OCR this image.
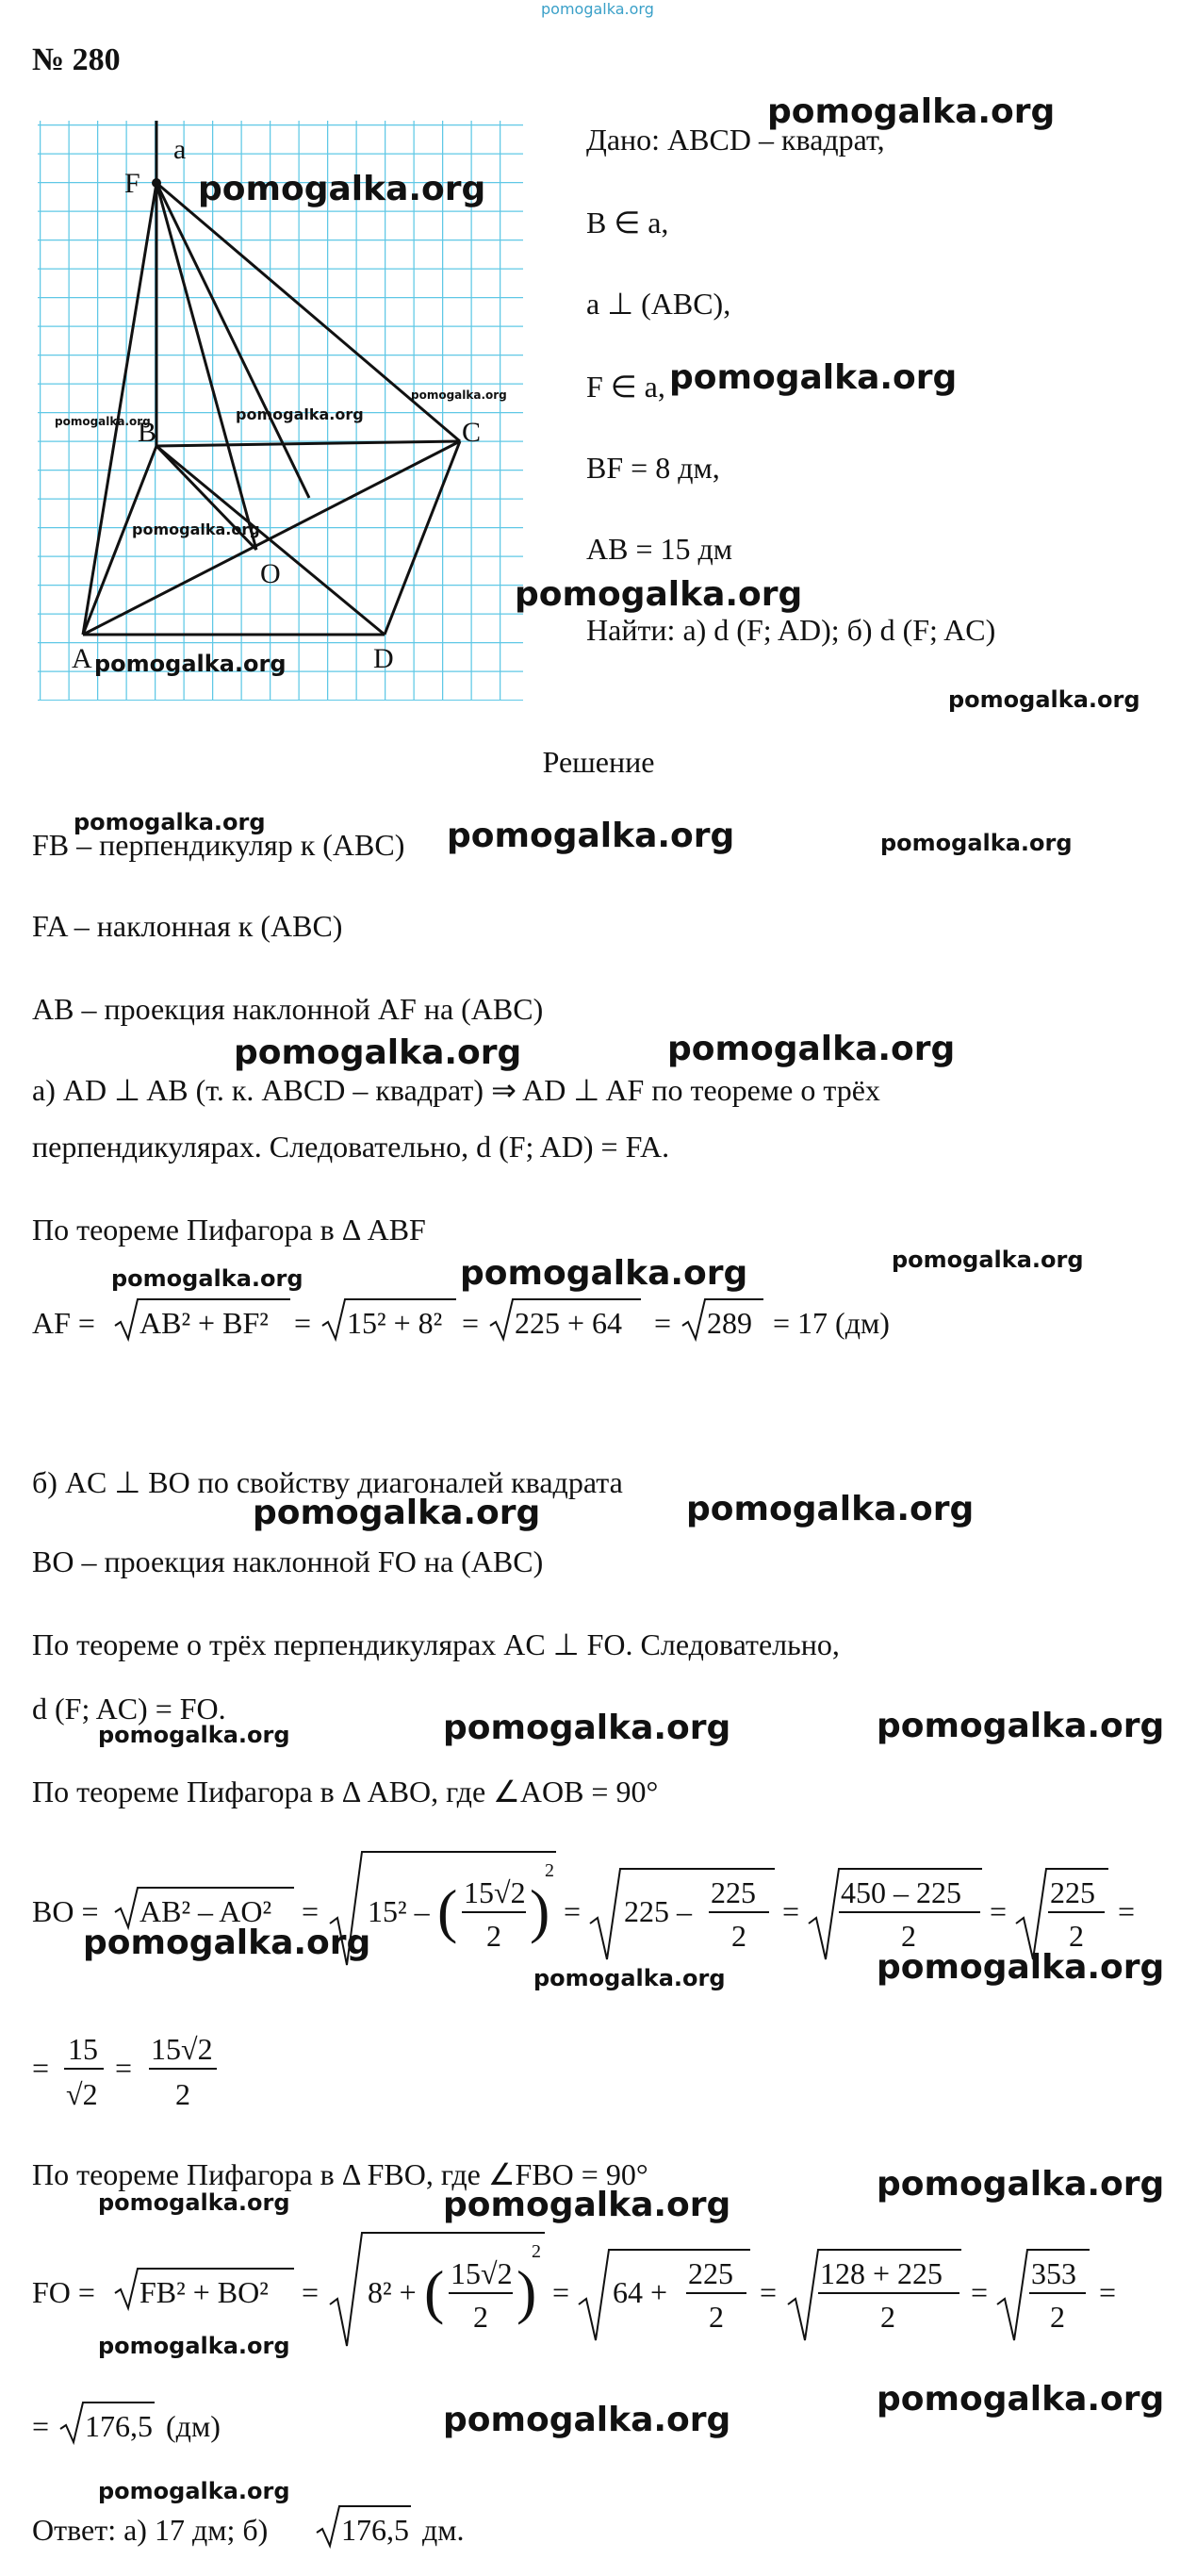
pomogalka.org
№ 280
a
F
B	C
O
A	D
pomogalka.org
pomogalka.org	pomogalka.org
pomogalka.org
pomogalka.org
pomogalka.org
pomogalka.org
Дано: ABCD – квадрат,
B ∈ a,
a ⊥ (ABC),
F ∈ a, pomogalka.org
BF = 8 дм,
AB = 15 дм
pomogalka.org
Найти: а) d (F; AD); б) d (F; AC)
pomogalka.org
Решение
pomogalka.org
FB – перпендикуляр к (ABC) pomogalka.org	pomogalka.org
FA – наклонная к (ABC)
AB – проекция наклонной AF на (ABC)
pomogalka.org	pomogalka.org
а) AD ⊥ AB (т. к. ABCD – квадрат) ⇒ AD ⊥ AF по теореме о трёх
перпендикулярах. Следовательно, d (F; AD) = FA.
По теореме Пифагора в Δ ABF
pomogalka.org	pomogalka.org	pomogalka.org
AF = AB² + BF² = 15² + 8² = 225 + 64 = 289 = 17 (дм)
б) AC ⊥ BO по свойству диагоналей квадрата
pomogalka.org	pomogalka.org
BO – проекция наклонной FO на (ABC)
По теореме о трёх перпендикулярах AC ⊥ FO. Следовательно,
d (F; AC) = FO.
pomogalka.org	pomogalka.org	pomogalka.org
По теореме Пифагора в Δ ABO, где ∠AOB = 90°
BO = AB² – AO² = 15² – ( 15√2
2 )
2
= 225 –
225
2
=
450 – 225
2
=
225
2
=
pomogalka.org
pomogalka.org	pomogalka.org
=
15
√2
=
15√2
2
По теореме Пифагора в Δ FBO, где ∠FBO = 90°
pomogalka.org	pomogalka.org
pomogalka.org
FO = FB² + BO² = 8² + ( 15√2
2 )
2
= 64 +
225
2
=
128 + 225
2
=
353
2
=
pomogalka.org
= 176,5 (дм)	pomogalka.org
pomogalka.org
pomogalka.org
Ответ: а) 17 дм; б) 176,5 дм.
